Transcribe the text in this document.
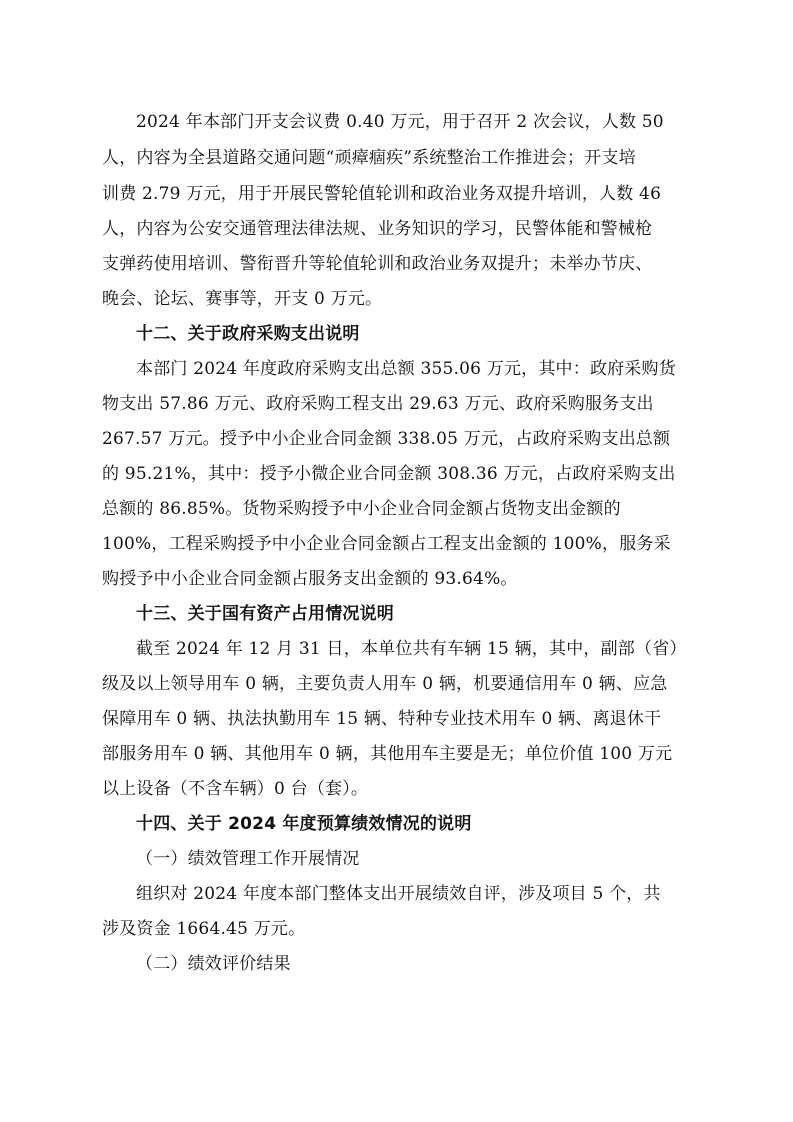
2024 年本部门开支会议费 0.40 万元，用于召开 2 次会议，人数 50
人，内容为全县道路交通问题“顽瘴痼疾”系统整治工作推进会；开支培
训费 2.79 万元，用于开展民警轮值轮训和政治业务双提升培训，人数 46
人，内容为公安交通管理法律法规、业务知识的学习，民警体能和警械枪
支弹药使用培训、警衔晋升等轮值轮训和政治业务双提升；未举办节庆、
晚会、论坛、赛事等，开支 0 万元。
十二、关于政府采购支出说明
本部门 2024 年度政府采购支出总额 355.06 万元，其中：政府采购货
物支出 57.86 万元、政府采购工程支出 29.63 万元、政府采购服务支出
267.57 万元。授予中小企业合同金额 338.05 万元，占政府采购支出总额
的 95.21%，其中：授予小微企业合同金额 308.36 万元，占政府采购支出
总额的 86.85%。货物采购授予中小企业合同金额占货物支出金额的
100%，工程采购授予中小企业合同金额占工程支出金额的 100%，服务采
购授予中小企业合同金额占服务支出金额的 93.64%。
十三、关于国有资产占用情况说明
截至 2024 年 12 月 31 日，本单位共有车辆 15 辆，其中，副部（省）
级及以上领导用车 0 辆，主要负责人用车 0 辆，机要通信用车 0 辆、应急
保障用车 0 辆、执法执勤用车 15 辆、特种专业技术用车 0 辆、离退休干
部服务用车 0 辆、其他用车 0 辆，其他用车主要是无；单位价值 100 万元
以上设备（不含车辆）0 台（套）。
十四、关于 2024 年度预算绩效情况的说明
（一）绩效管理工作开展情况
组织对 2024 年度本部门整体支出开展绩效自评，涉及项目 5 个，共
涉及资金 1664.45 万元。
（二）绩效评价结果
